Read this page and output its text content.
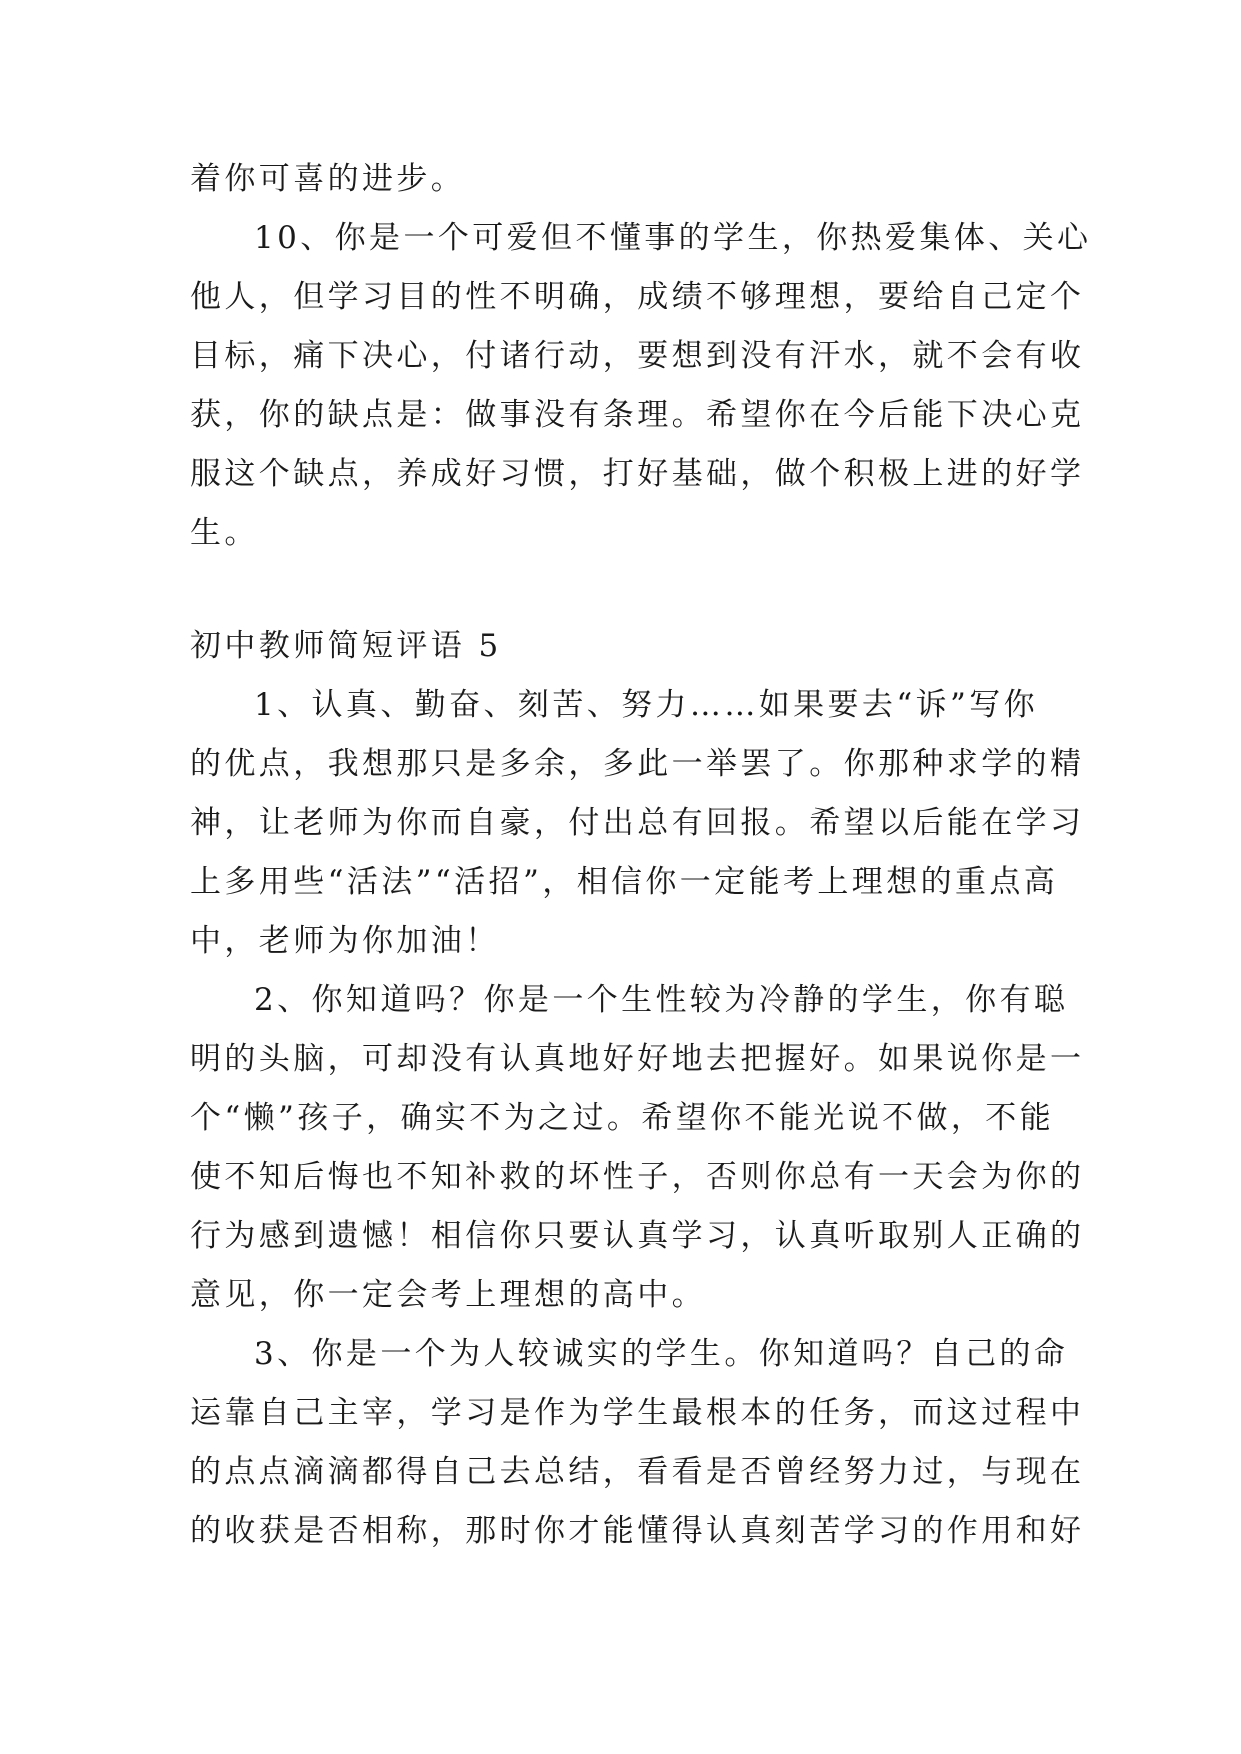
着你可喜的进步。
10、你是一个可爱但不懂事的学生，你热爱集体、关心
他人，但学习目的性不明确，成绩不够理想，要给自己定个
目标，痛下决心，付诸行动，要想到没有汗水，就不会有收
获，你的缺点是：做事没有条理。希望你在今后能下决心克
服这个缺点，养成好习惯，打好基础，做个积极上进的好学
生。
初中教师简短评语 5
1、认真、勤奋、刻苦、努力……如果要去“诉”写你
的优点，我想那只是多余，多此一举罢了。你那种求学的精
神，让老师为你而自豪，付出总有回报。希望以后能在学习
上多用些“活法”“活招”，相信你一定能考上理想的重点高
中，老师为你加油！
2、你知道吗？你是一个生性较为冷静的学生，你有聪
明的头脑，可却没有认真地好好地去把握好。如果说你是一
个“懒”孩子，确实不为之过。希望你不能光说不做，不能
使不知后悔也不知补救的坏性子，否则你总有一天会为你的
行为感到遗憾！相信你只要认真学习，认真听取别人正确的
意见，你一定会考上理想的高中。
3、你是一个为人较诚实的学生。你知道吗？自己的命
运靠自己主宰，学习是作为学生最根本的任务，而这过程中
的点点滴滴都得自己去总结，看看是否曾经努力过，与现在
的收获是否相称，那时你才能懂得认真刻苦学习的作用和好
